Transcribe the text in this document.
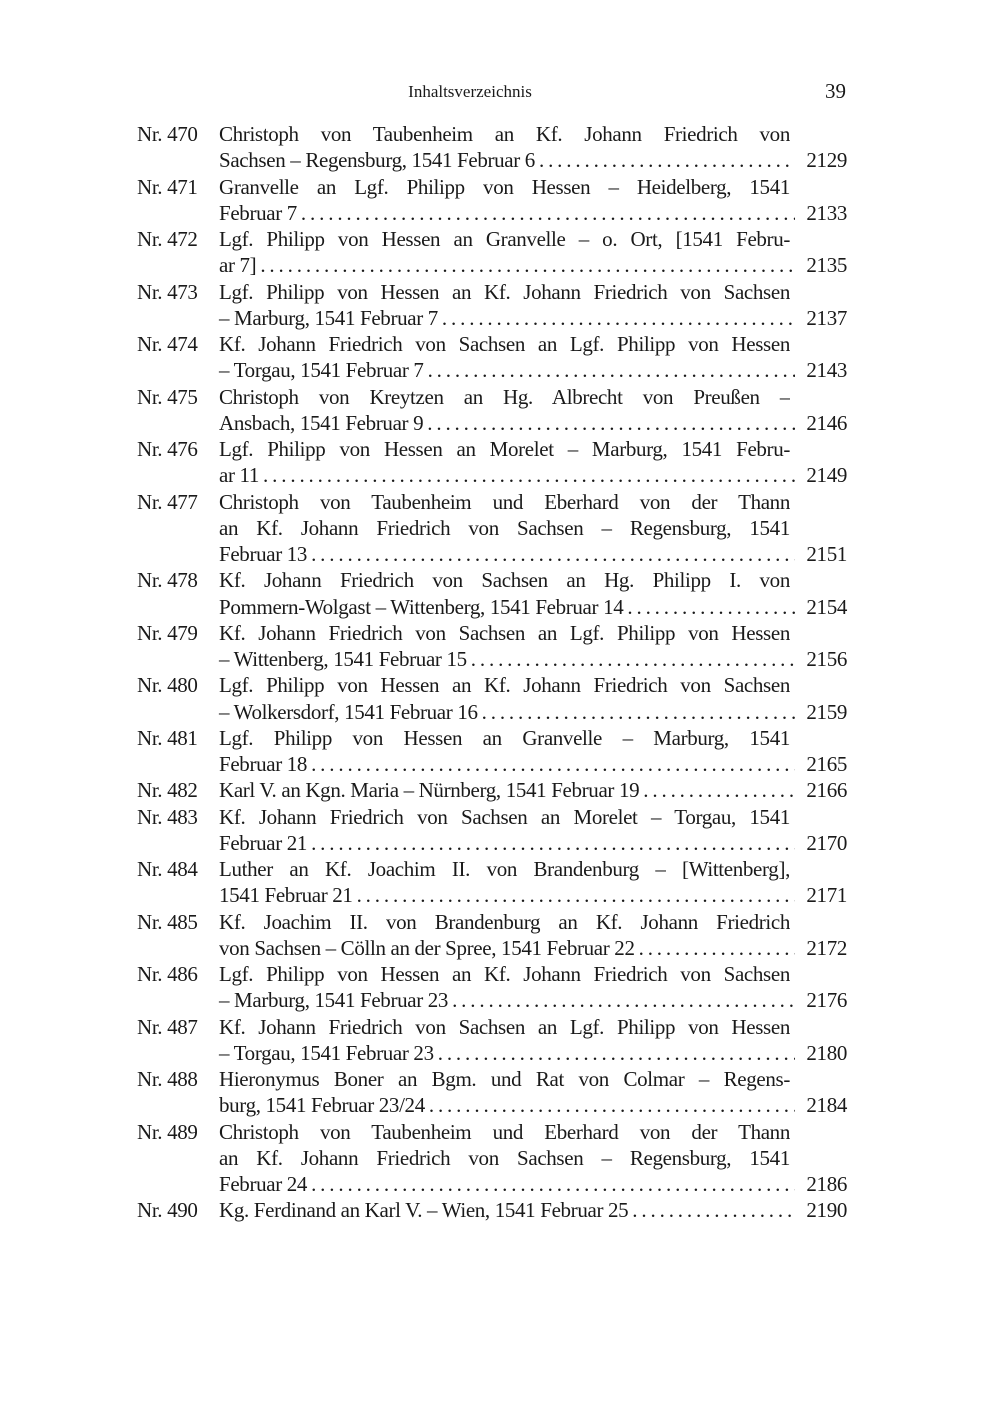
Inhaltsverzeichnis	39
Nr. 470 Christoph von Taubenheim an Kf. Johann Friedrich von
Sachsen – Regensburg, 1541 Februar 6 . . .	2129
Nr. 471 Granvelle an Lgf. Philipp von Hessen – Heidelberg, 1541
Februar 7 . . .	2133
Nr. 472 Lgf. Philipp von Hessen an Granvelle – o. Ort, [1541 Febru-
ar 7] . . .	2135
Nr. 473 Lgf. Philipp von Hessen an Kf. Johann Friedrich von Sachsen
– Marburg, 1541 Februar 7 . . .	2137
Nr. 474 Kf. Johann Friedrich von Sachsen an Lgf. Philipp von Hessen
– Torgau, 1541 Februar 7 . . .	2143
Nr. 475 Christoph von Kreytzen an Hg. Albrecht von Preußen –
Ansbach, 1541 Februar 9 . . .	2146
Nr. 476 Lgf. Philipp von Hessen an Morelet – Marburg, 1541 Febru-
ar 11 . . .	2149
Nr. 477 Christoph von Taubenheim und Eberhard von der Thann
an Kf. Johann Friedrich von Sachsen – Regensburg, 1541
Februar 13 . . .	2151
Nr. 478 Kf. Johann Friedrich von Sachsen an Hg. Philipp I. von
Pommern-Wolgast – Wittenberg, 1541 Februar 14 . . .	2154
Nr. 479 Kf. Johann Friedrich von Sachsen an Lgf. Philipp von Hessen
– Wittenberg, 1541 Februar 15 . . .	2156
Nr. 480 Lgf. Philipp von Hessen an Kf. Johann Friedrich von Sachsen
– Wolkersdorf, 1541 Februar 16 . . .	2159
Nr. 481 Lgf. Philipp von Hessen an Granvelle – Marburg, 1541
Februar 18 . . .	2165
Nr. 482 Karl V. an Kgn. Maria – Nürnberg, 1541 Februar 19 . . .	2166
Nr. 483 Kf. Johann Friedrich von Sachsen an Morelet – Torgau, 1541
Februar 21 . . .	2170
Nr. 484 Luther an Kf. Joachim II. von Brandenburg – [Wittenberg],
1541 Februar 21 . . .	2171
Nr. 485 Kf. Joachim II. von Brandenburg an Kf. Johann Friedrich
von Sachsen – Cölln an der Spree, 1541 Februar 22 . . .	2172
Nr. 486 Lgf. Philipp von Hessen an Kf. Johann Friedrich von Sachsen
– Marburg, 1541 Februar 23 . . .	2176
Nr. 487 Kf. Johann Friedrich von Sachsen an Lgf. Philipp von Hessen
– Torgau, 1541 Februar 23 . . .	2180
Nr. 488 Hieronymus Boner an Bgm. und Rat von Colmar – Regens-
burg, 1541 Februar 23/24 . . .	2184
Nr. 489 Christoph von Taubenheim und Eberhard von der Thann
an Kf. Johann Friedrich von Sachsen – Regensburg, 1541
Februar 24 . . .	2186
Nr. 490 Kg. Ferdinand an Karl V. – Wien, 1541 Februar 25 . . .	2190
